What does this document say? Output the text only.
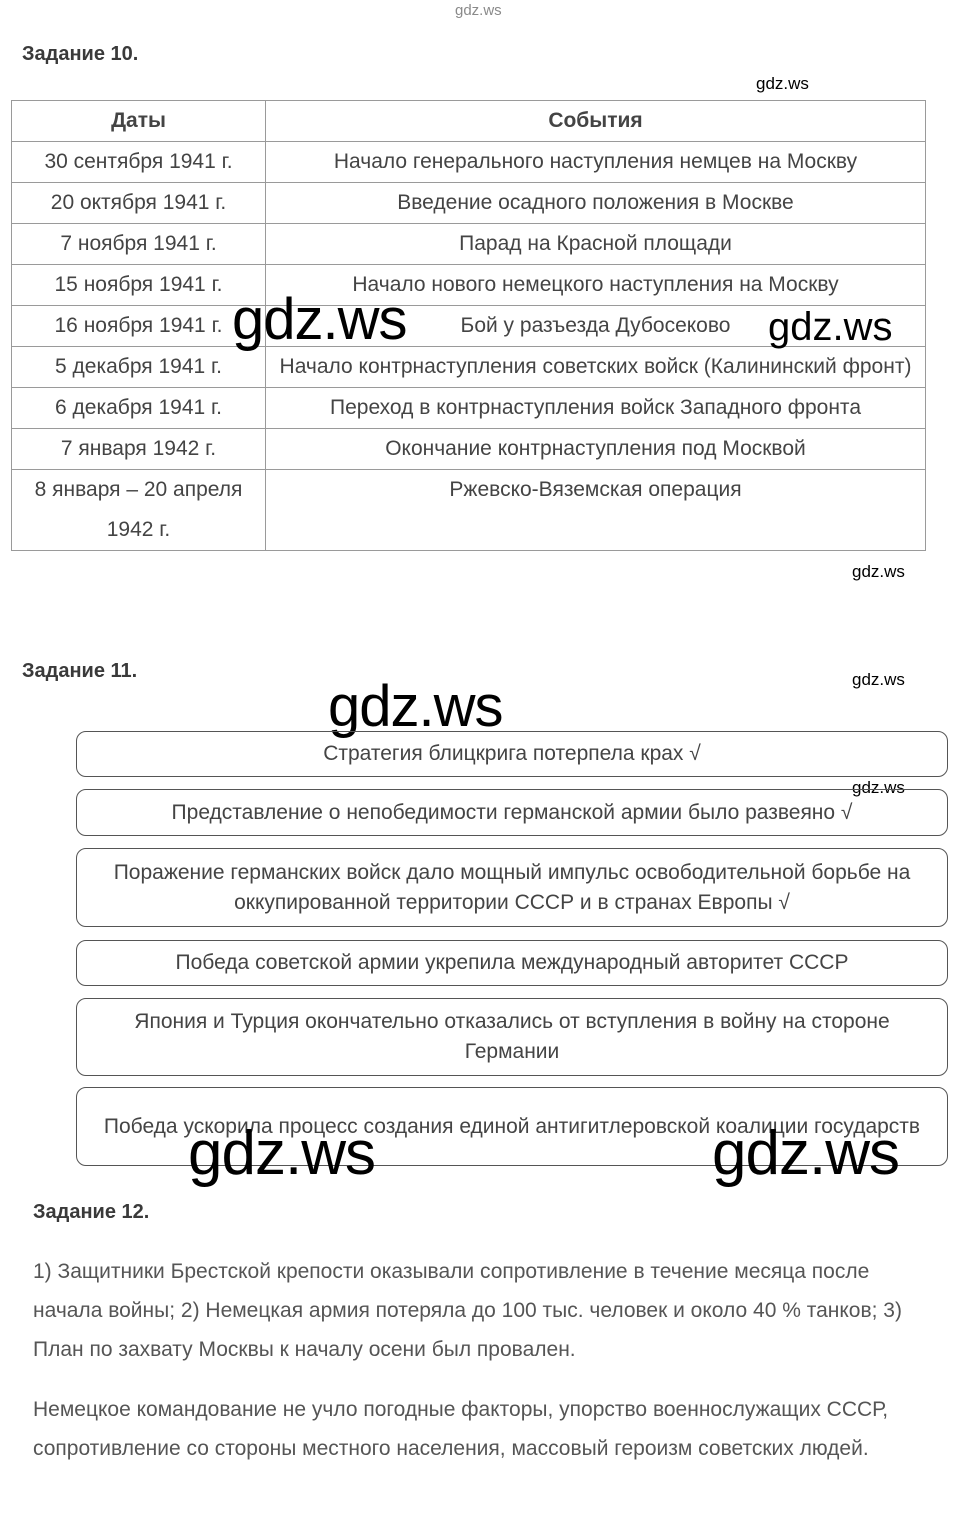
gdz.ws
gdz.ws
Задание 10.
Даты	События
30 сентября 1941 г.	Начало генерального наступления немцев на Москву
20 октября 1941 г.	Введение осадного положения в Москве
7 ноября 1941 г.	Парад на Красной площади
15 ноября 1941 г.	Начало нового немецкого наступления на Москву
16 ноября 1941 г.	Бой у разъезда Дубосеково
5 декабря 1941 г.	Начало контрнаступления советских войск (Калининский фронт)
6 декабря 1941 г.	Переход в контрнаступления войск Западного фронта
7 января 1942 г.	Окончание контрнаступления под Москвой
8 января – 20 апреля 1942 г.	Ржевско-Вяземская операция
gdz.ws	gdz.ws
gdz.ws
Задание 11.	gdz.ws
gdz.ws
Стратегия блицкрига потерпела крах √
gdz.ws
Представление о непобедимости германской армии было развеяно √
Поражение германских войск дало мощный импульс освободительной борьбе на оккупированной территории СССР и в странах Европы √
Победа советской армии укрепила международный авторитет СССР
Япония и Турция окончательно отказались от вступления в войну на стороне Германии
Победа ускорила процесс создания единой антигитлеровской коалиции государств
gdz.ws	gdz.ws
Задание 12.
1) Защитники Брестской крепости оказывали сопротивление в течение месяца после начала войны; 2) Немецкая армия потеряла до 100 тыс. человек и около 40 % танков; 3) План по захвату Москвы к началу осени был провален.
Немецкое командование не учло погодные факторы, упорство военнослужащих СССР, сопротивление со стороны местного населения, массовый героизм советских людей.
